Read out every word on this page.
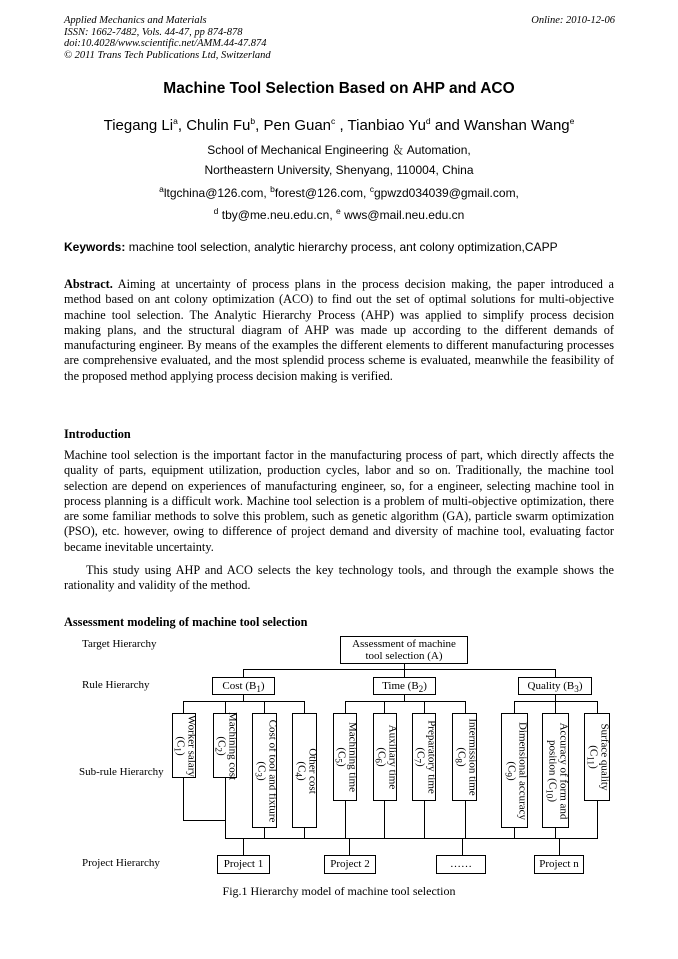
Applied Mechanics and Materials
ISSN: 1662-7482, Vols. 44-47, pp 874-878
doi:10.4028/www.scientific.net/AMM.44-47.874
© 2011 Trans Tech Publications Ltd, Switzerland
Online: 2010-12-06
Machine Tool Selection Based on AHP and ACO
Tiegang Li$^a$, Chulin Fu$^b$, Pen Guan$^c$ , Tianbiao Yu$^d$ and Wanshan Wang$^e$
School of Mechanical Engineering ＆ Automation,
Northeastern University, Shenyang, 110004, China
$^a$ltgchina@126.com, $^b$forest@126.com, $^c$gpwzd034039@gmail.com,
$^d$ tby@me.neu.edu.cn, $^e$ wws@mail.neu.edu.cn
Keywords: machine tool selection, analytic hierarchy process, ant colony optimization,CAPP
Abstract. Aiming at uncertainty of process plans in the process decision making, the paper introduced a method based on ant colony optimization (ACO) to find out the set of optimal solutions for multi-objective machine tool selection. The Analytic Hierarchy Process (AHP) was applied to simplify process decision making plans, and the structural diagram of AHP was made up according to the different demands of manufacturing engineer. By means of the examples the different elements to different manufacturing processes are comprehensive evaluated, and the most splendid process scheme is evaluated, meanwhile the feasibility of the proposed method applying process decision making is verified.
Introduction
Machine tool selection is the important factor in the manufacturing process of part, which directly affects the quality of parts, equipment utilization, production cycles, labor and so on. Traditionally, the machine tool selection are depend on experiences of manufacturing engineer, so, for a engineer, selecting machine tool in process planning is a difficult work. Machine tool selection is a problem of multi-objective optimization, there are some familiar methods to solve this problem, such as genetic algorithm (GA), particle swarm optimization (PSO), etc. however, owing to difference of project demand and diversity of machine tool, evaluating factor became inevitable uncertainty.
This study using AHP and ACO selects the key technology tools, and through the example shows the rationality and validity of the method.
Assessment modeling of machine tool selection
Target Hierarchy
Rule Hierarchy
Sub-rule Hierarchy
Project Hierarchy
Assessment of machine
tool selection (A)
Cost $(B_1)$	Time $(B_2)$	Quality $(B_3)$
Worker salary
$(C_1)$	Machining cost
$(C_2)$	Cost of tool and fixture
$(C_3)$	Other cost
$(C_4)$	Machining time
$(C_5)$	Auxiliary time
$(C_6)$	Preparatory time
$(C_7)$	Intermission time
$(C_8)$	Dimensional accuracy
$(C_9)$	Accuracy of form and
position $(C_{10})$
Surface quality
$(C_{11})$
Project 1	Project 2	……	Project n
Fig.1 Hierarchy model of machine tool selection
